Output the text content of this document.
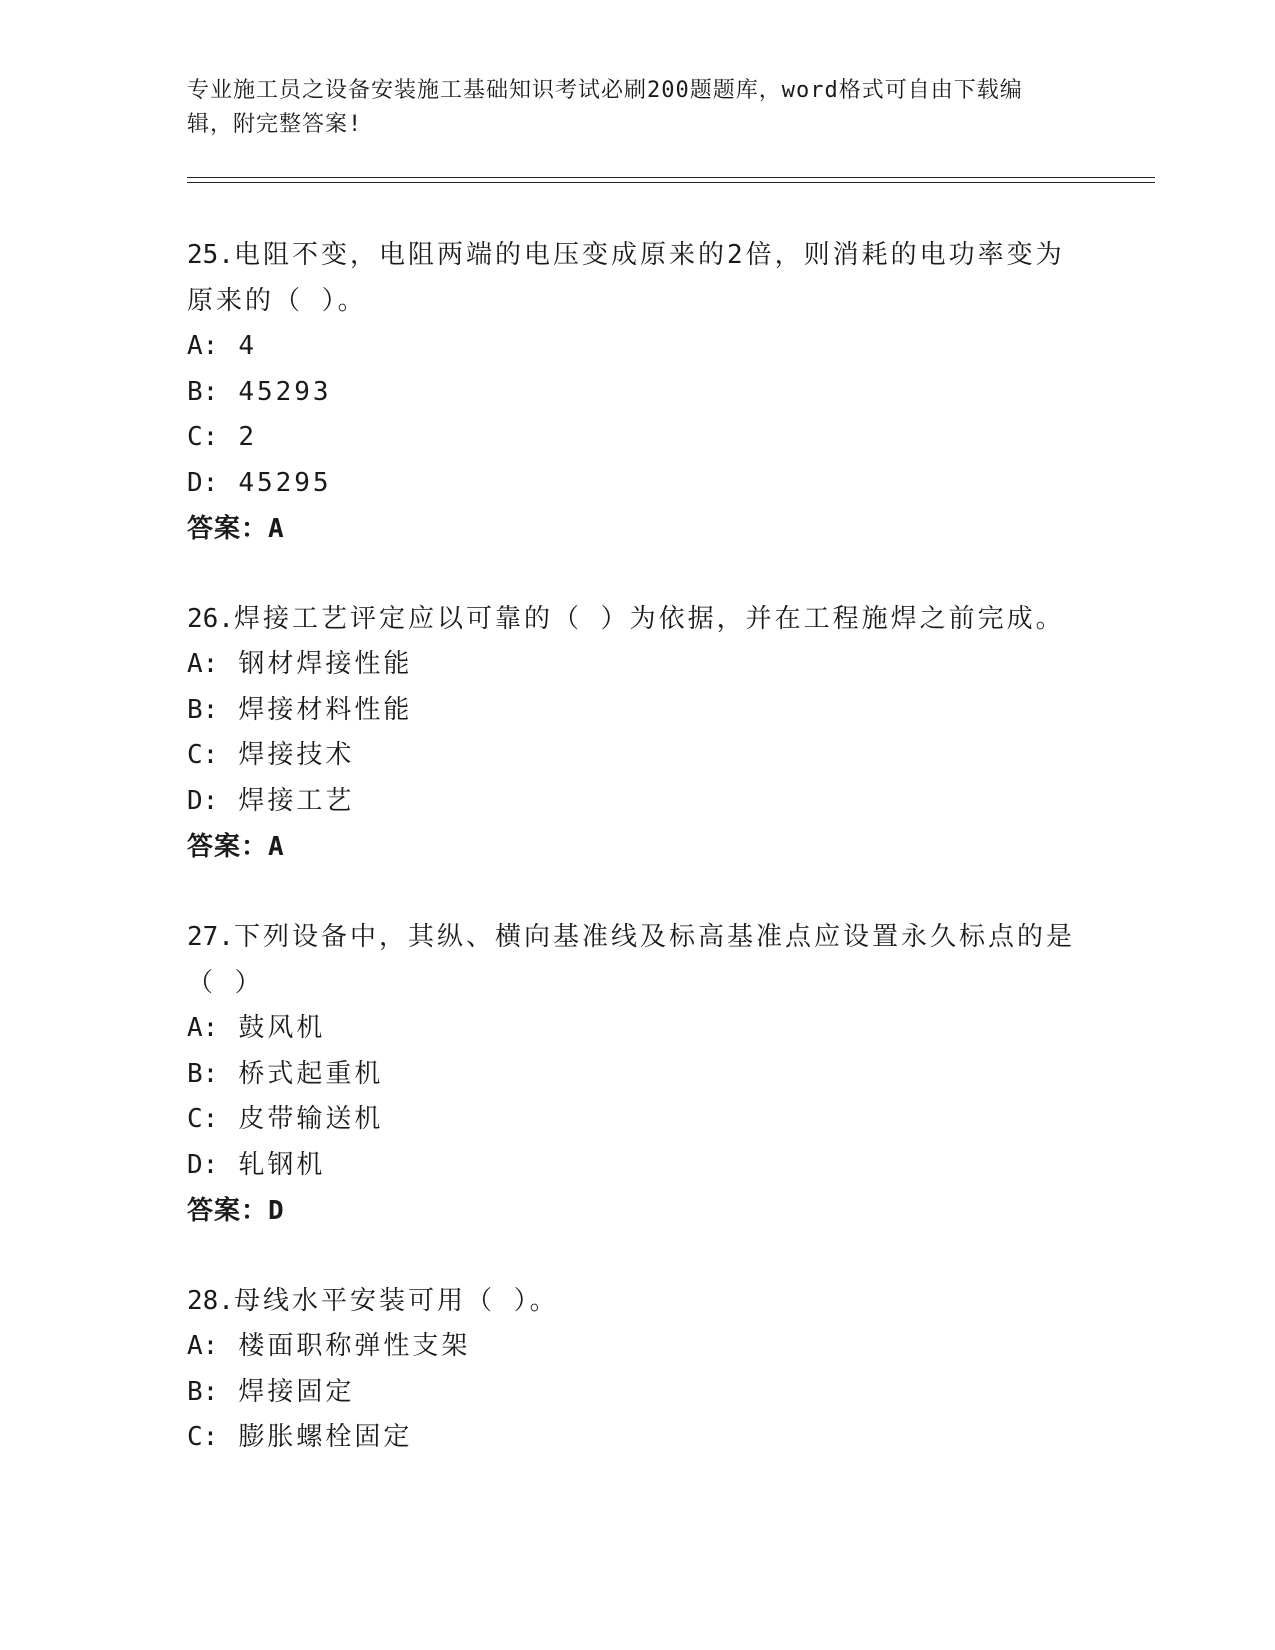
专业施工员之设备安装施工基础知识考试必刷200题题库，word格式可自由下载编辑，附完整答案!

25.电阻不变，电阻两端的电压变成原来的2倍，则消耗的电功率变为原来的（ ）。

A: 4
B: 45293
C: 2
D: 45295
答案：A

26.焊接工艺评定应以可靠的（ ）为依据，并在工程施焊之前完成。

A: 钢材焊接性能
B: 焊接材料性能
C: 焊接技术
D: 焊接工艺
答案：A

27.下列设备中，其纵、横向基准线及标高基准点应设置永久标点的是（ ）

A: 鼓风机
B: 桥式起重机
C: 皮带输送机
D: 轧钢机
答案：D

28.母线水平安装可用（ ）。

A: 楼面职称弹性支架
B: 焊接固定
C: 膨胀螺栓固定
